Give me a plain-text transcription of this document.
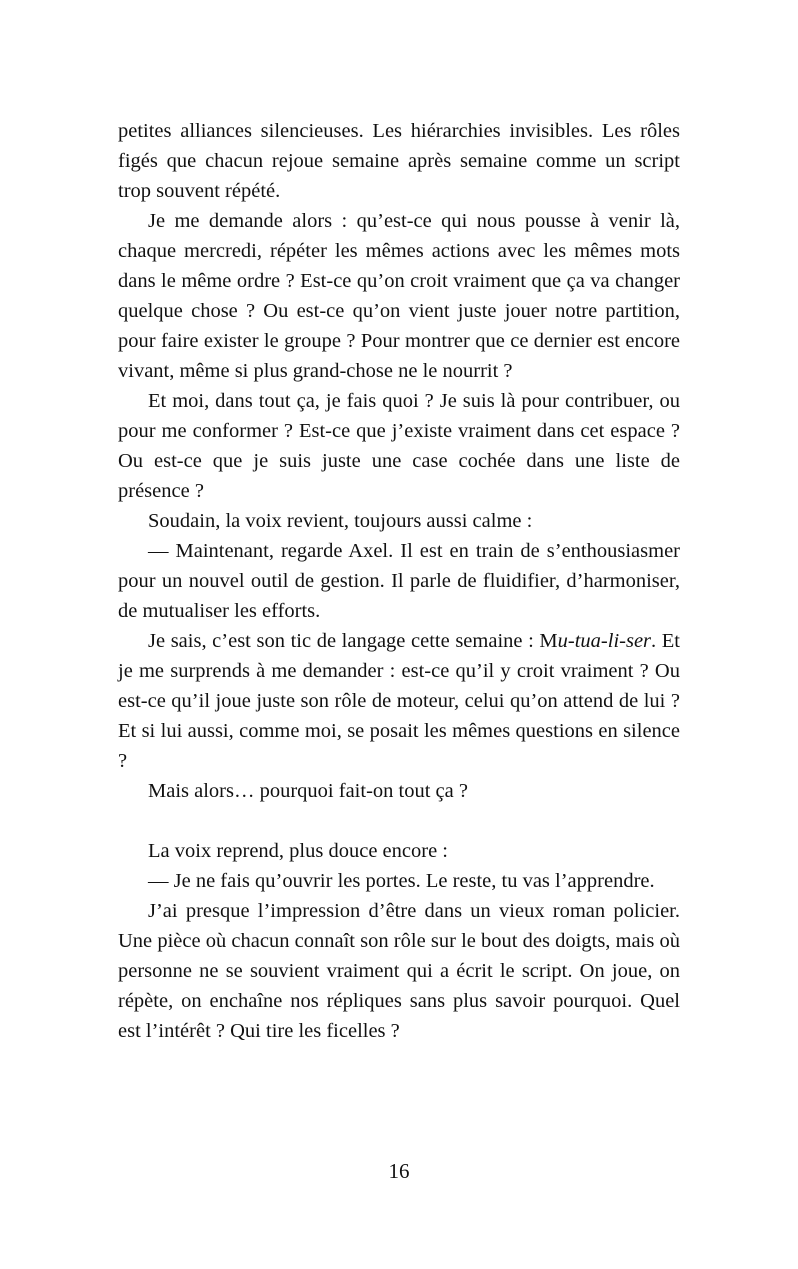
petites alliances silencieuses. Les hiérarchies invisibles. Les rôles figés que chacun rejoue semaine après semaine comme un script trop souvent répété.

Je me demande alors : qu’est-ce qui nous pousse à venir là, chaque mercredi, répéter les mêmes actions avec les mêmes mots dans le même ordre ? Est-ce qu’on croit vraiment que ça va changer quelque chose ? Ou est-ce qu’on vient juste jouer notre partition, pour faire exister le groupe ? Pour montrer que ce dernier est encore vivant, même si plus grand-chose ne le nourrit ?

Et moi, dans tout ça, je fais quoi ? Je suis là pour contribuer, ou pour me conformer ? Est-ce que j’existe vraiment dans cet espace ? Ou est-ce que je suis juste une case cochée dans une liste de présence ?

Soudain, la voix revient, toujours aussi calme :

— Maintenant, regarde Axel. Il est en train de s’enthousiasmer pour un nouvel outil de gestion. Il parle de fluidifier, d’harmoniser, de mutualiser les efforts.

Je sais, c’est son tic de langage cette semaine : Mu-tua-li-ser. Et je me surprends à me demander : est-ce qu’il y croit vraiment ? Ou est-ce qu’il joue juste son rôle de moteur, celui qu’on attend de lui ? Et si lui aussi, comme moi, se posait les mêmes questions en silence ?

Mais alors… pourquoi fait-on tout ça ?

La voix reprend, plus douce encore :

— Je ne fais qu’ouvrir les portes. Le reste, tu vas l’apprendre.

J’ai presque l’impression d’être dans un vieux roman policier. Une pièce où chacun connaît son rôle sur le bout des doigts, mais où personne ne se souvient vraiment qui a écrit le script. On joue, on répète, on enchaîne nos répliques sans plus savoir pourquoi. Quel est l’intérêt ? Qui tire les ficelles ?

16
